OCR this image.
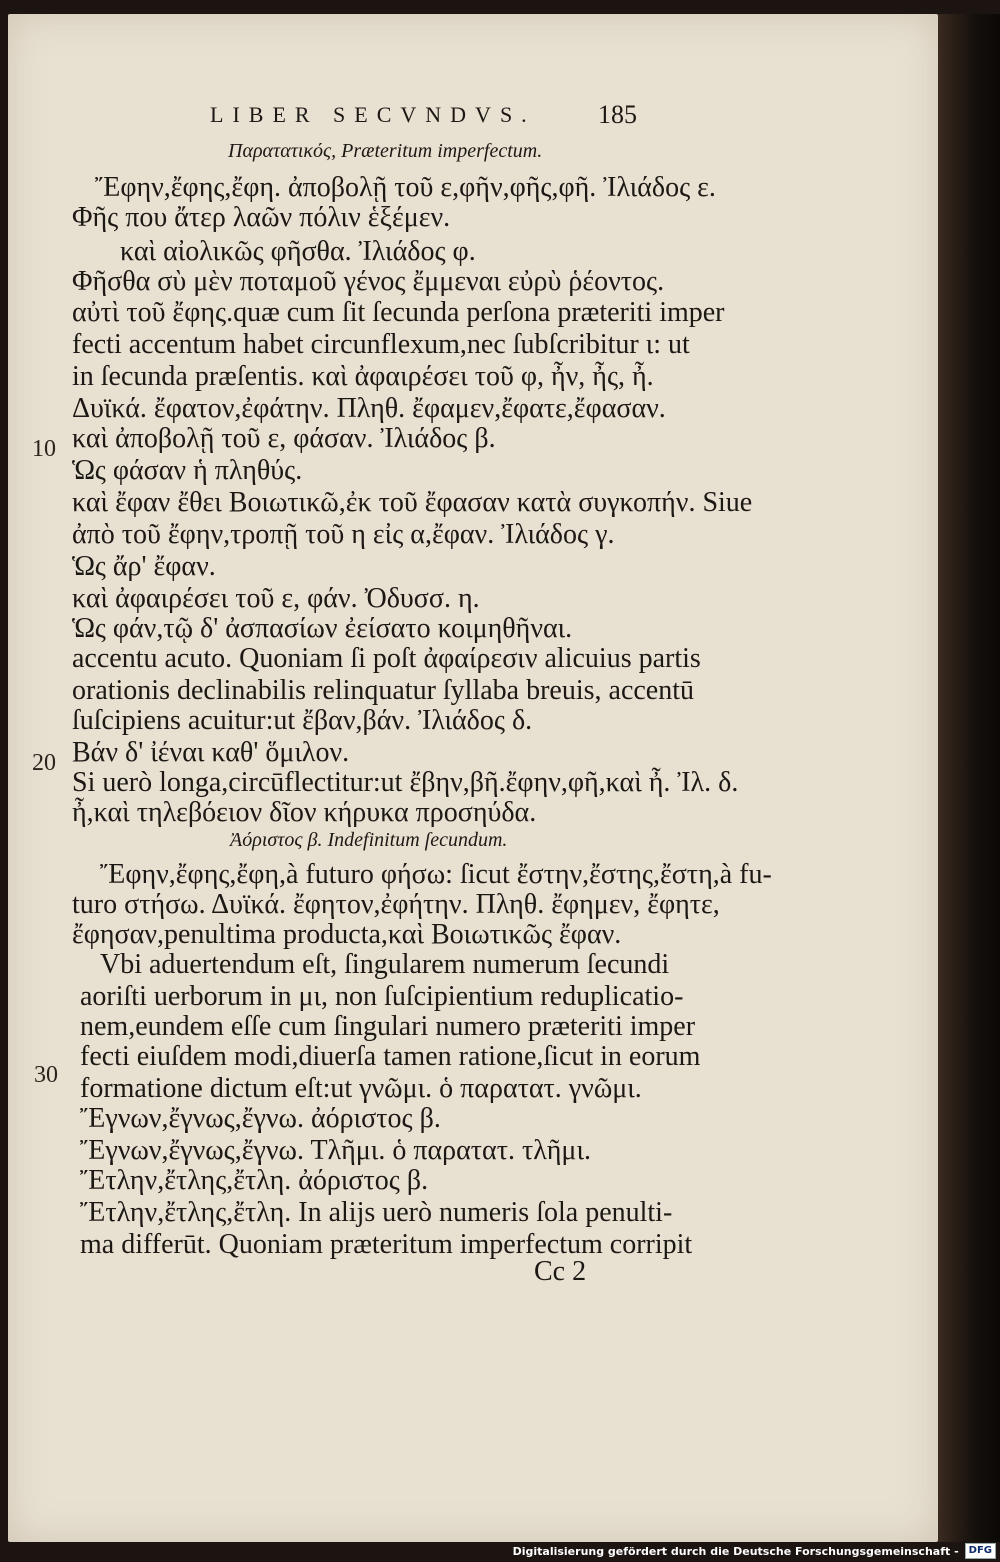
LIBER SECVNDVS. 185
Παρατατικός, Præteritum imperfectum.
Ἔφην,ἔφης,ἔφη. ἀποβολῇ τοῦ ε,φῆν,φῆς,φῆ. Ἰλιάδος ε.
Φῆς που ἄτερ λαῶν πόλιν ἑξέμεν.
καὶ αἰολικῶς φῆσθα. Ἰλιάδος φ.
Φῆσθα σὺ μὲν ποταμοῦ γένος ἔμμεναι εὐρὺ ῥέοντος.
αὐτὶ τοῦ ἔφης.quæ cum ſit ſecunda perſona præteriti imper
fecti accentum habet circunflexum,nec ſubſcribitur ι: ut
in ſecunda præſentis. καὶ ἀφαιρέσει τοῦ φ, ἦν, ἦς, ἦ.
Δυϊκά. ἔφατον,ἐφάτην. Πληθ. ἔφαμεν,ἔφατε,ἔφασαν.
καὶ ἀποβολῇ τοῦ ε, φάσαν. Ἰλιάδος β.
Ὡς φάσαν ἡ πληθύς.
καὶ ἔφαν ἔθει Βοιωτικῶ,ἐκ τοῦ ἔφασαν κατὰ συγκοπήν. Siue
ἀπὸ τοῦ ἔφην,τροπῇ τοῦ η εἰς α,ἔφαν. Ἰλιάδος γ.
Ὡς ἄρ' ἔφαν.
καὶ ἀφαιρέσει τοῦ ε, φάν. Ὀδυσσ. η.
Ὡς φάν,τῷ δ' ἀσπασίων ἐείσατο κοιμηθῆναι.
accentu acuto. Quoniam ſi poſt ἀφαίρεσιν alicuius partis
orationis declinabilis relinquatur ſyllaba breuis, accentū
ſuſcipiens acuitur:ut ἔβαν,βάν. Ἰλιάδος δ.
Βάν δ' ἰέναι καθ' ὅμιλον.
Si uerò longa,circūflectitur:ut ἔβην,βῆ.ἔφην,φῆ,καὶ ἦ. Ἰλ. δ.
ἦ,καὶ τηλεβόειον δῖον κήρυκα προσηύδα.
Ἀόριστος β. Indefinitum ſecundum.
Ἔφην,ἔφης,ἔφη,à futuro φήσω: ſicut ἔστην,ἔστης,ἔστη,à fu-
turo στήσω. Δυϊκά. ἔφητον,ἐφήτην. Πληθ. ἔφημεν, ἔφητε,
ἔφησαν,penultima producta,καὶ Βοιωτικῶς ἔφαν.
Vbi aduertendum eſt, ſingularem numerum ſecundi
aoriſti uerborum in μι, non ſuſcipientium reduplicatio-
nem,eundem eſſe cum ſingulari numero præteriti imper
fecti eiuſdem modi,diuerſa tamen ratione,ſicut in eorum
formatione dictum eſt:ut γνῶμι. ὁ παρατατ. γνῶμι.
Ἔγνων,ἔγνως,ἔγνω. ἀόριστος β.
Ἔγνων,ἔγνως,ἔγνω. Τλῆμι. ὁ παρατατ. τλῆμι.
Ἔτλην,ἔτλης,ἔτλη. ἀόριστος β.
Ἔτλην,ἔτλης,ἔτλη. In alijs uerò numeris ſola penulti-
ma differūt. Quoniam præteritum imperfectum corripit
10
20
30
Cc 2
Digitalisierung gefördert durch die Deutsche Forschungsgemeinschaft -	DFG
